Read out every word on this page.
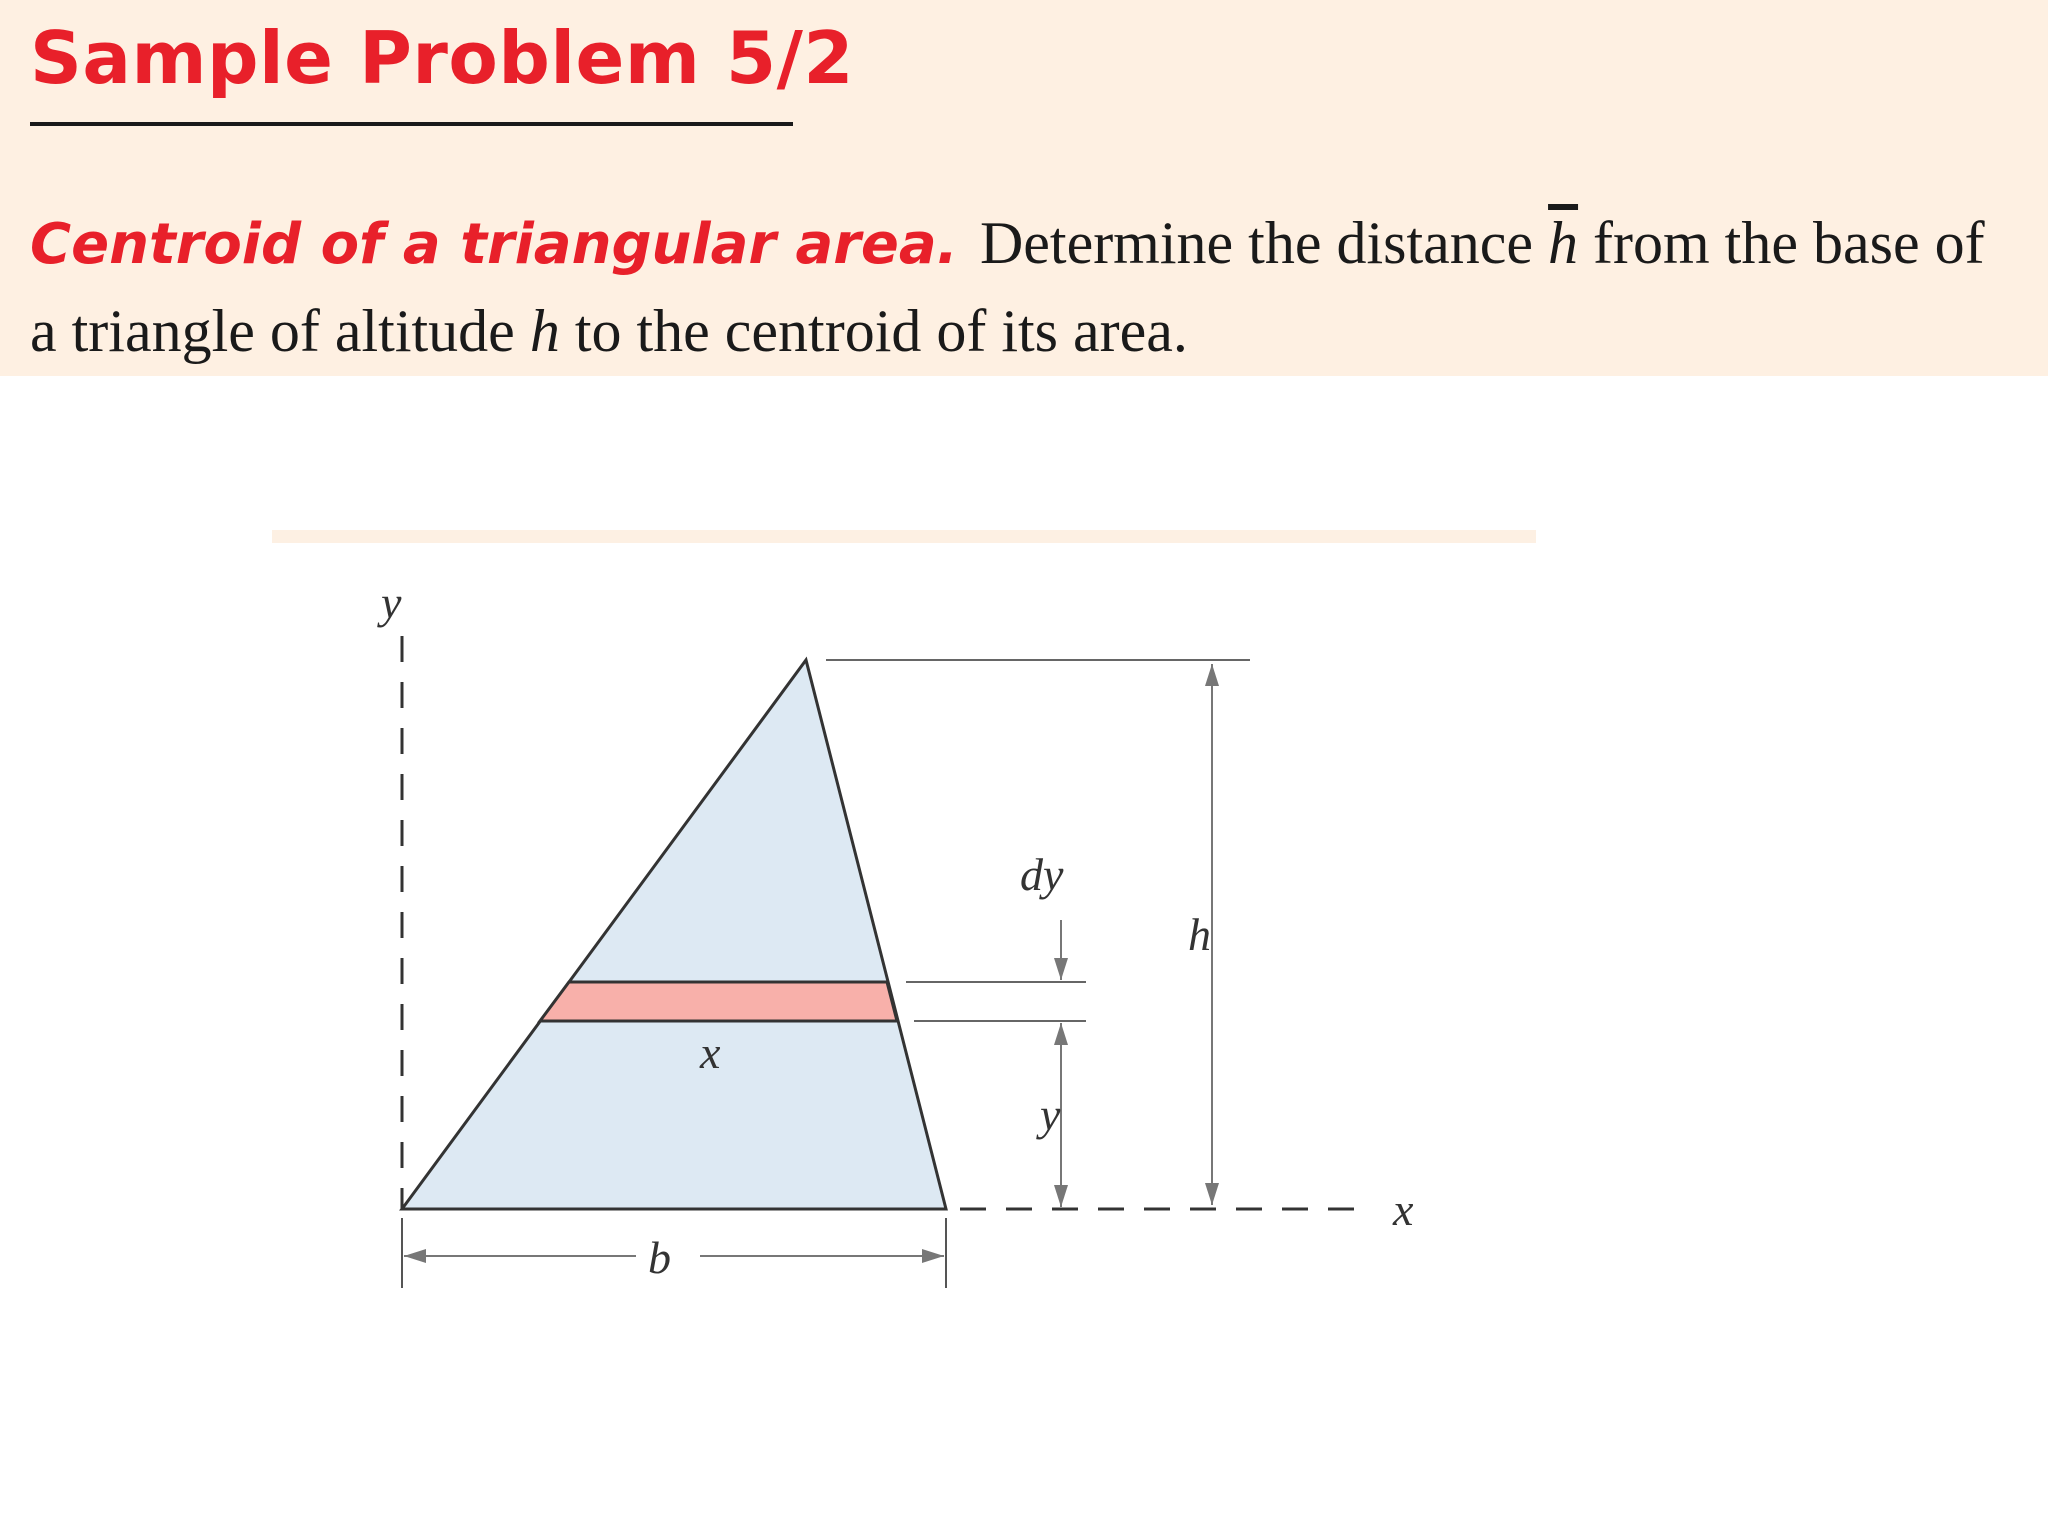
Sample Problem 5/2
Centroid of a triangular area. Determine the distance $\overline{h}$ from the base of a triangle of altitude h to the centroid of its area.
y
x
x
dy
h
y
b
